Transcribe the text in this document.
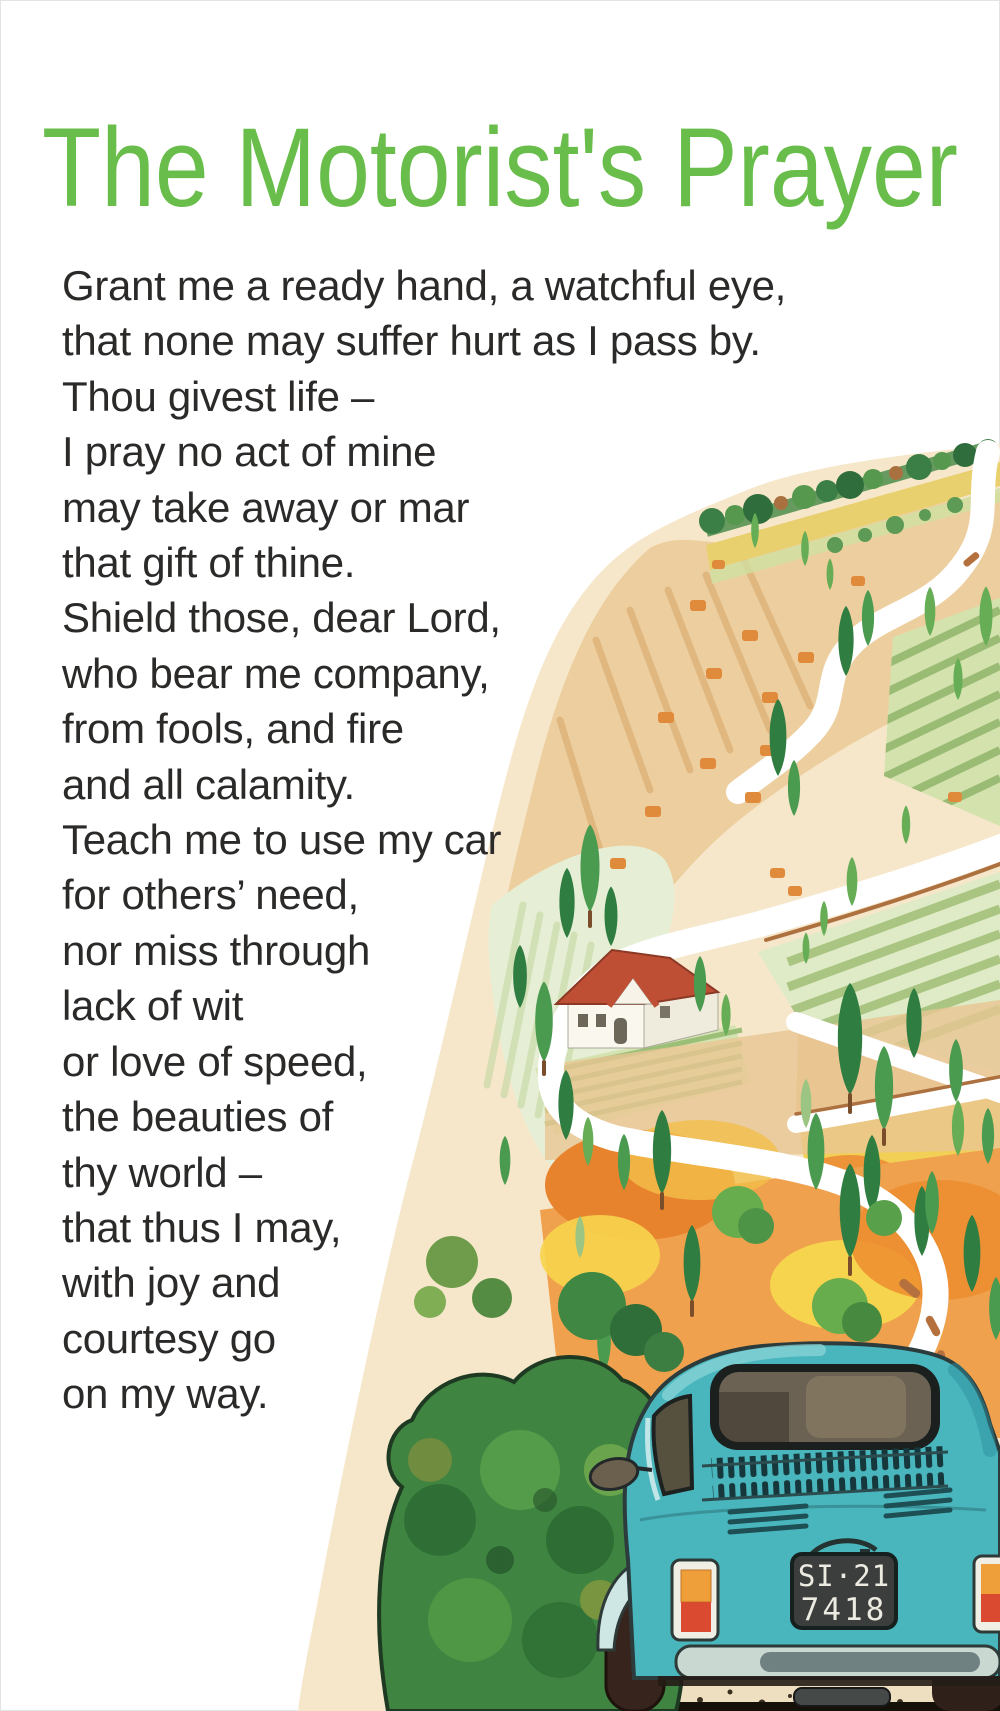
SI·21
7418
The Motorist's Prayer

Grant me a ready hand, a watchful eye,

that none may suffer hurt as I pass by.

Thou givest life –

I pray no act of mine

may take away or mar

that gift of thine.

Shield those, dear Lord,

who bear me company,

from fools, and fire

and all calamity.

Teach me to use my car

for others’ need,

nor miss through

lack of wit

or love of speed,

the beauties of

thy world –

that thus I may,

with joy and

courtesy go

on my way.
